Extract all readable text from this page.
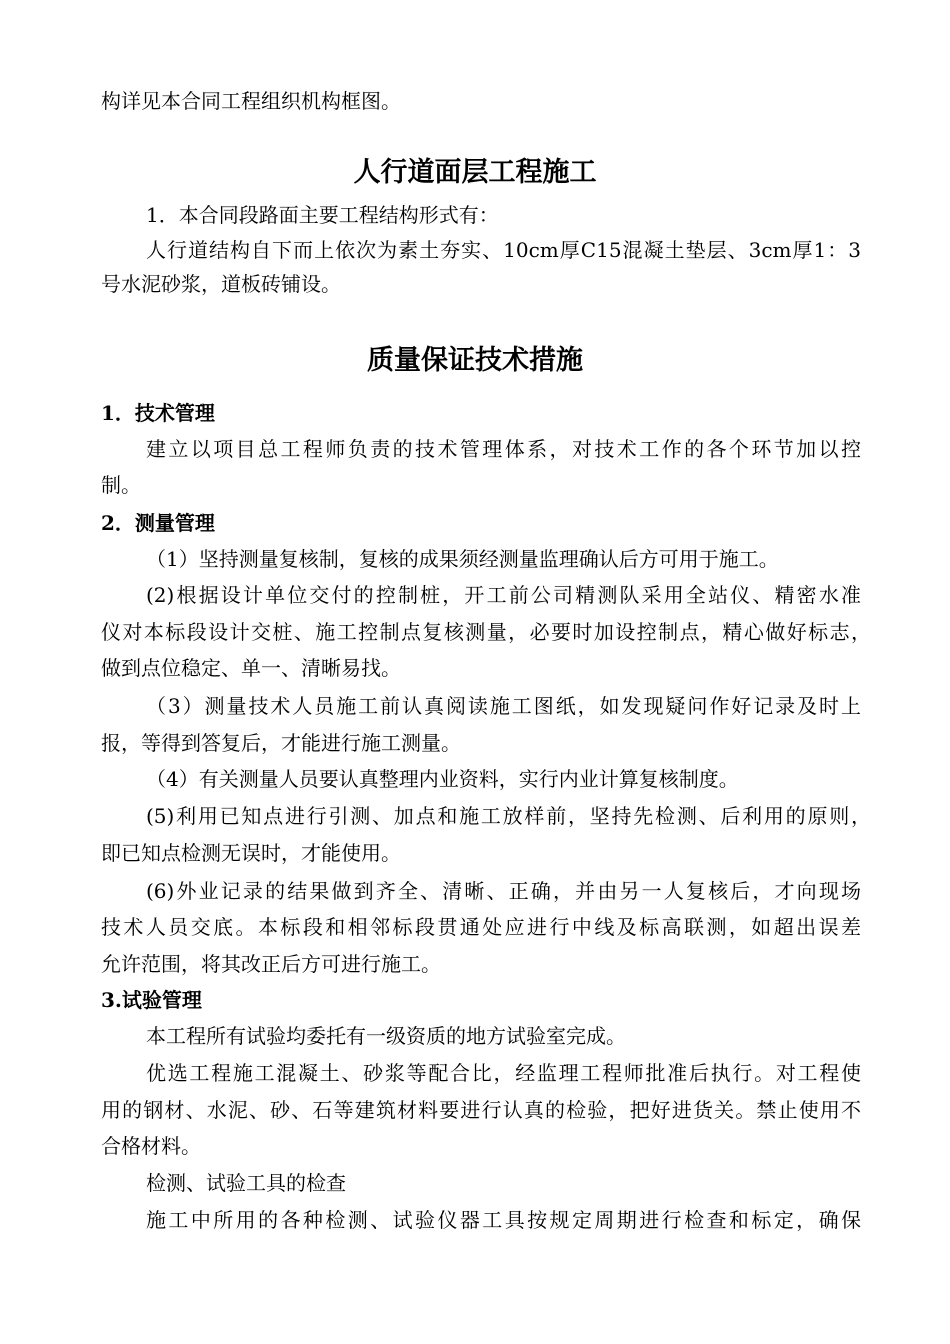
构详见本合同工程组织机构框图。
人行道面层工程施工
1．本合同段路面主要工程结构形式有：
人行道结构自下而上依次为素土夯实、10cm厚C15混凝土垫层、3cm厚1：3
号水泥砂浆，道板砖铺设。
质量保证技术措施
1．技术管理
建立以项目总工程师负责的技术管理体系，对技术工作的各个环节加以控
制。
2．测量管理
（1）坚持测量复核制，复核的成果须经测量监理确认后方可用于施工。
(2)根据设计单位交付的控制桩，开工前公司精测队采用全站仪、精密水准
仪对本标段设计交桩、施工控制点复核测量，必要时加设控制点，精心做好标志，
做到点位稳定、单一、清晰易找。
（3）测量技术人员施工前认真阅读施工图纸，如发现疑问作好记录及时上
报，等得到答复后，才能进行施工测量。
（4）有关测量人员要认真整理内业资料，实行内业计算复核制度。
(5)利用已知点进行引测、加点和施工放样前，坚持先检测、后利用的原则，
即已知点检测无误时，才能使用。
(6)外业记录的结果做到齐全、清晰、正确，并由另一人复核后，才向现场
技术人员交底。本标段和相邻标段贯通处应进行中线及标高联测，如超出误差
允许范围，将其改正后方可进行施工。
3.试验管理
本工程所有试验均委托有一级资质的地方试验室完成。
优选工程施工混凝土、砂浆等配合比，经监理工程师批准后执行。对工程使
用的钢材、水泥、砂、石等建筑材料要进行认真的检验，把好进货关。禁止使用不
合格材料。
检测、试验工具的检查
施工中所用的各种检测、试验仪器工具按规定周期进行检查和标定，确保
